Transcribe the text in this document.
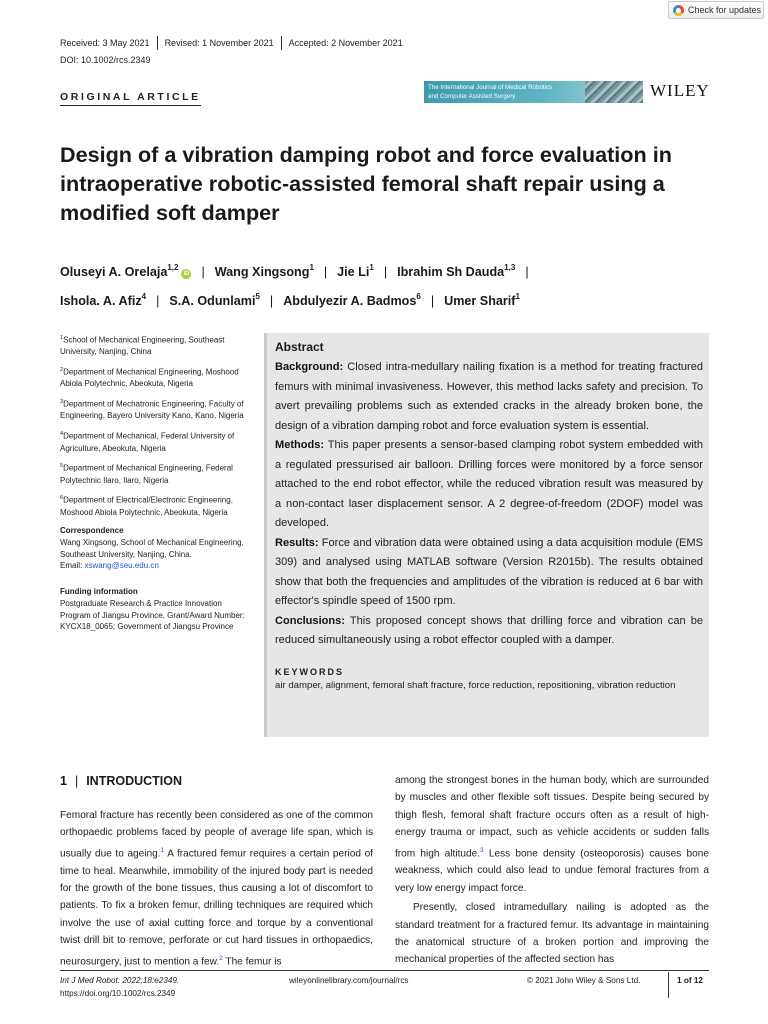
Check for updates
Received: 3 May 2021 Revised: 1 November 2021 Accepted: 2 November 2021
DOI: 10.1002/rcs.2349
ORIGINAL ARTICLE
The International Journal of Medical Robotics
and Computer Assisted Surgery	WILEY
Design of a vibration damping robot and force evaluation in intraoperative robotic-assisted femoral shaft repair using a modified soft damper
Oluseyi A. Orelaja$^{1,2}$iD | Wang Xingsong$^1$ | Jie Li$^1$ | Ibrahim Sh Dauda$^{1,3}$ |
Ishola. A. Afiz$^4$ | S.A. Odunlami$^5$ | Abdulyezir A. Badmos$^6$ | Umer Sharif$^1$
$^1$School of Mechanical Engineering, Southeast University, Nanjing, China
$^2$Department of Mechanical Engineering, Moshood Abiola Polytechnic, Abeokuta, Nigeria
$^3$Department of Mechatronic Engineering, Faculty of Engineering, Bayero University Kano, Kano, Nigeria
$^4$Department of Mechanical, Federal University of Agriculture, Abeokuta, Nigeria
$^5$Department of Mechanical Engineering, Federal Polytechnic Ilaro, Ilaro, Nigeria
$^6$Department of Electrical/Electronic Engineering, Moshood Abiola Polytechnic, Abeokuta, Nigeria
Correspondence
Wang Xingsong, School of Mechanical Engineering, Southeast University, Nanjing, China.
Email: xswang@seu.edu.cn
Funding information
Postgraduate Research & Practice Innovation Program of Jiangsu Province, Grant/Award Number: KYCX18_0065; Government of Jiangsu Province
Abstract
Background: Closed intra-medullary nailing fixation is a method for treating fractured femurs with minimal invasiveness. However, this method lacks safety and precision. To avert prevailing problems such as extended cracks in the already broken bone, the design of a vibration damping robot and force evaluation system is essential.
Methods: This paper presents a sensor-based clamping robot system embedded with a regulated pressurised air balloon. Drilling forces were monitored by a force sensor attached to the end robot effector, while the reduced vibration result was measured by a non-contact laser displacement sensor. A 2 degree-of-freedom (2DOF) model was developed.
Results: Force and vibration data were obtained using a data acquisition module (EMS 309) and analysed using MATLAB software (Version R2015b). The results obtained show that both the frequencies and amplitudes of the vibration is reduced at 6 bar with effector's spindle speed of 1500 rpm.
Conclusions: This proposed concept shows that drilling force and vibration can be reduced simultaneously using a robot effector coupled with a damper.
KEYWORDS
air damper, alignment, femoral shaft fracture, force reduction, repositioning, vibration reduction
1 | INTRODUCTION
Femoral fracture has recently been considered as one of the common orthopaedic problems faced by people of average life span, which is usually due to ageing.$^1$ A fractured femur requires a certain period of time to heal. Meanwhile, immobility of the injured body part is needed for the growth of the bone tissues, thus causing a lot of discomfort to patients. To fix a broken femur, drilling techniques are required which involve the use of axial cutting force and torque by a conventional twist drill bit to remove, perforate or cut hard tissues in orthopaedics, neurosurgery, just to mention a few.$^2$ The femur is
among the strongest bones in the human body, which are surrounded by muscles and other flexible soft tissues. Despite being secured by thigh flesh, femoral shaft fracture occurs often as a result of high-energy trauma or impact, such as vehicle accidents or sudden falls from high altitude.$^3$ Less bone density (osteoporosis) causes bone weakness, which could also lead to undue femoral fractures from a very low energy impact force.
Presently, closed intramedullary nailing is adopted as the standard treatment for a fractured femur. Its advantage in maintaining the anatomical structure of a broken portion and improving the mechanical properties of the affected section has
Int J Med Robot. 2022;18:e2349.
https://doi.org/10.1002/rcs.2349
wileyonlinelibrary.com/journal/rcs	© 2021 John Wiley & Sons Ltd.	1 of 12
